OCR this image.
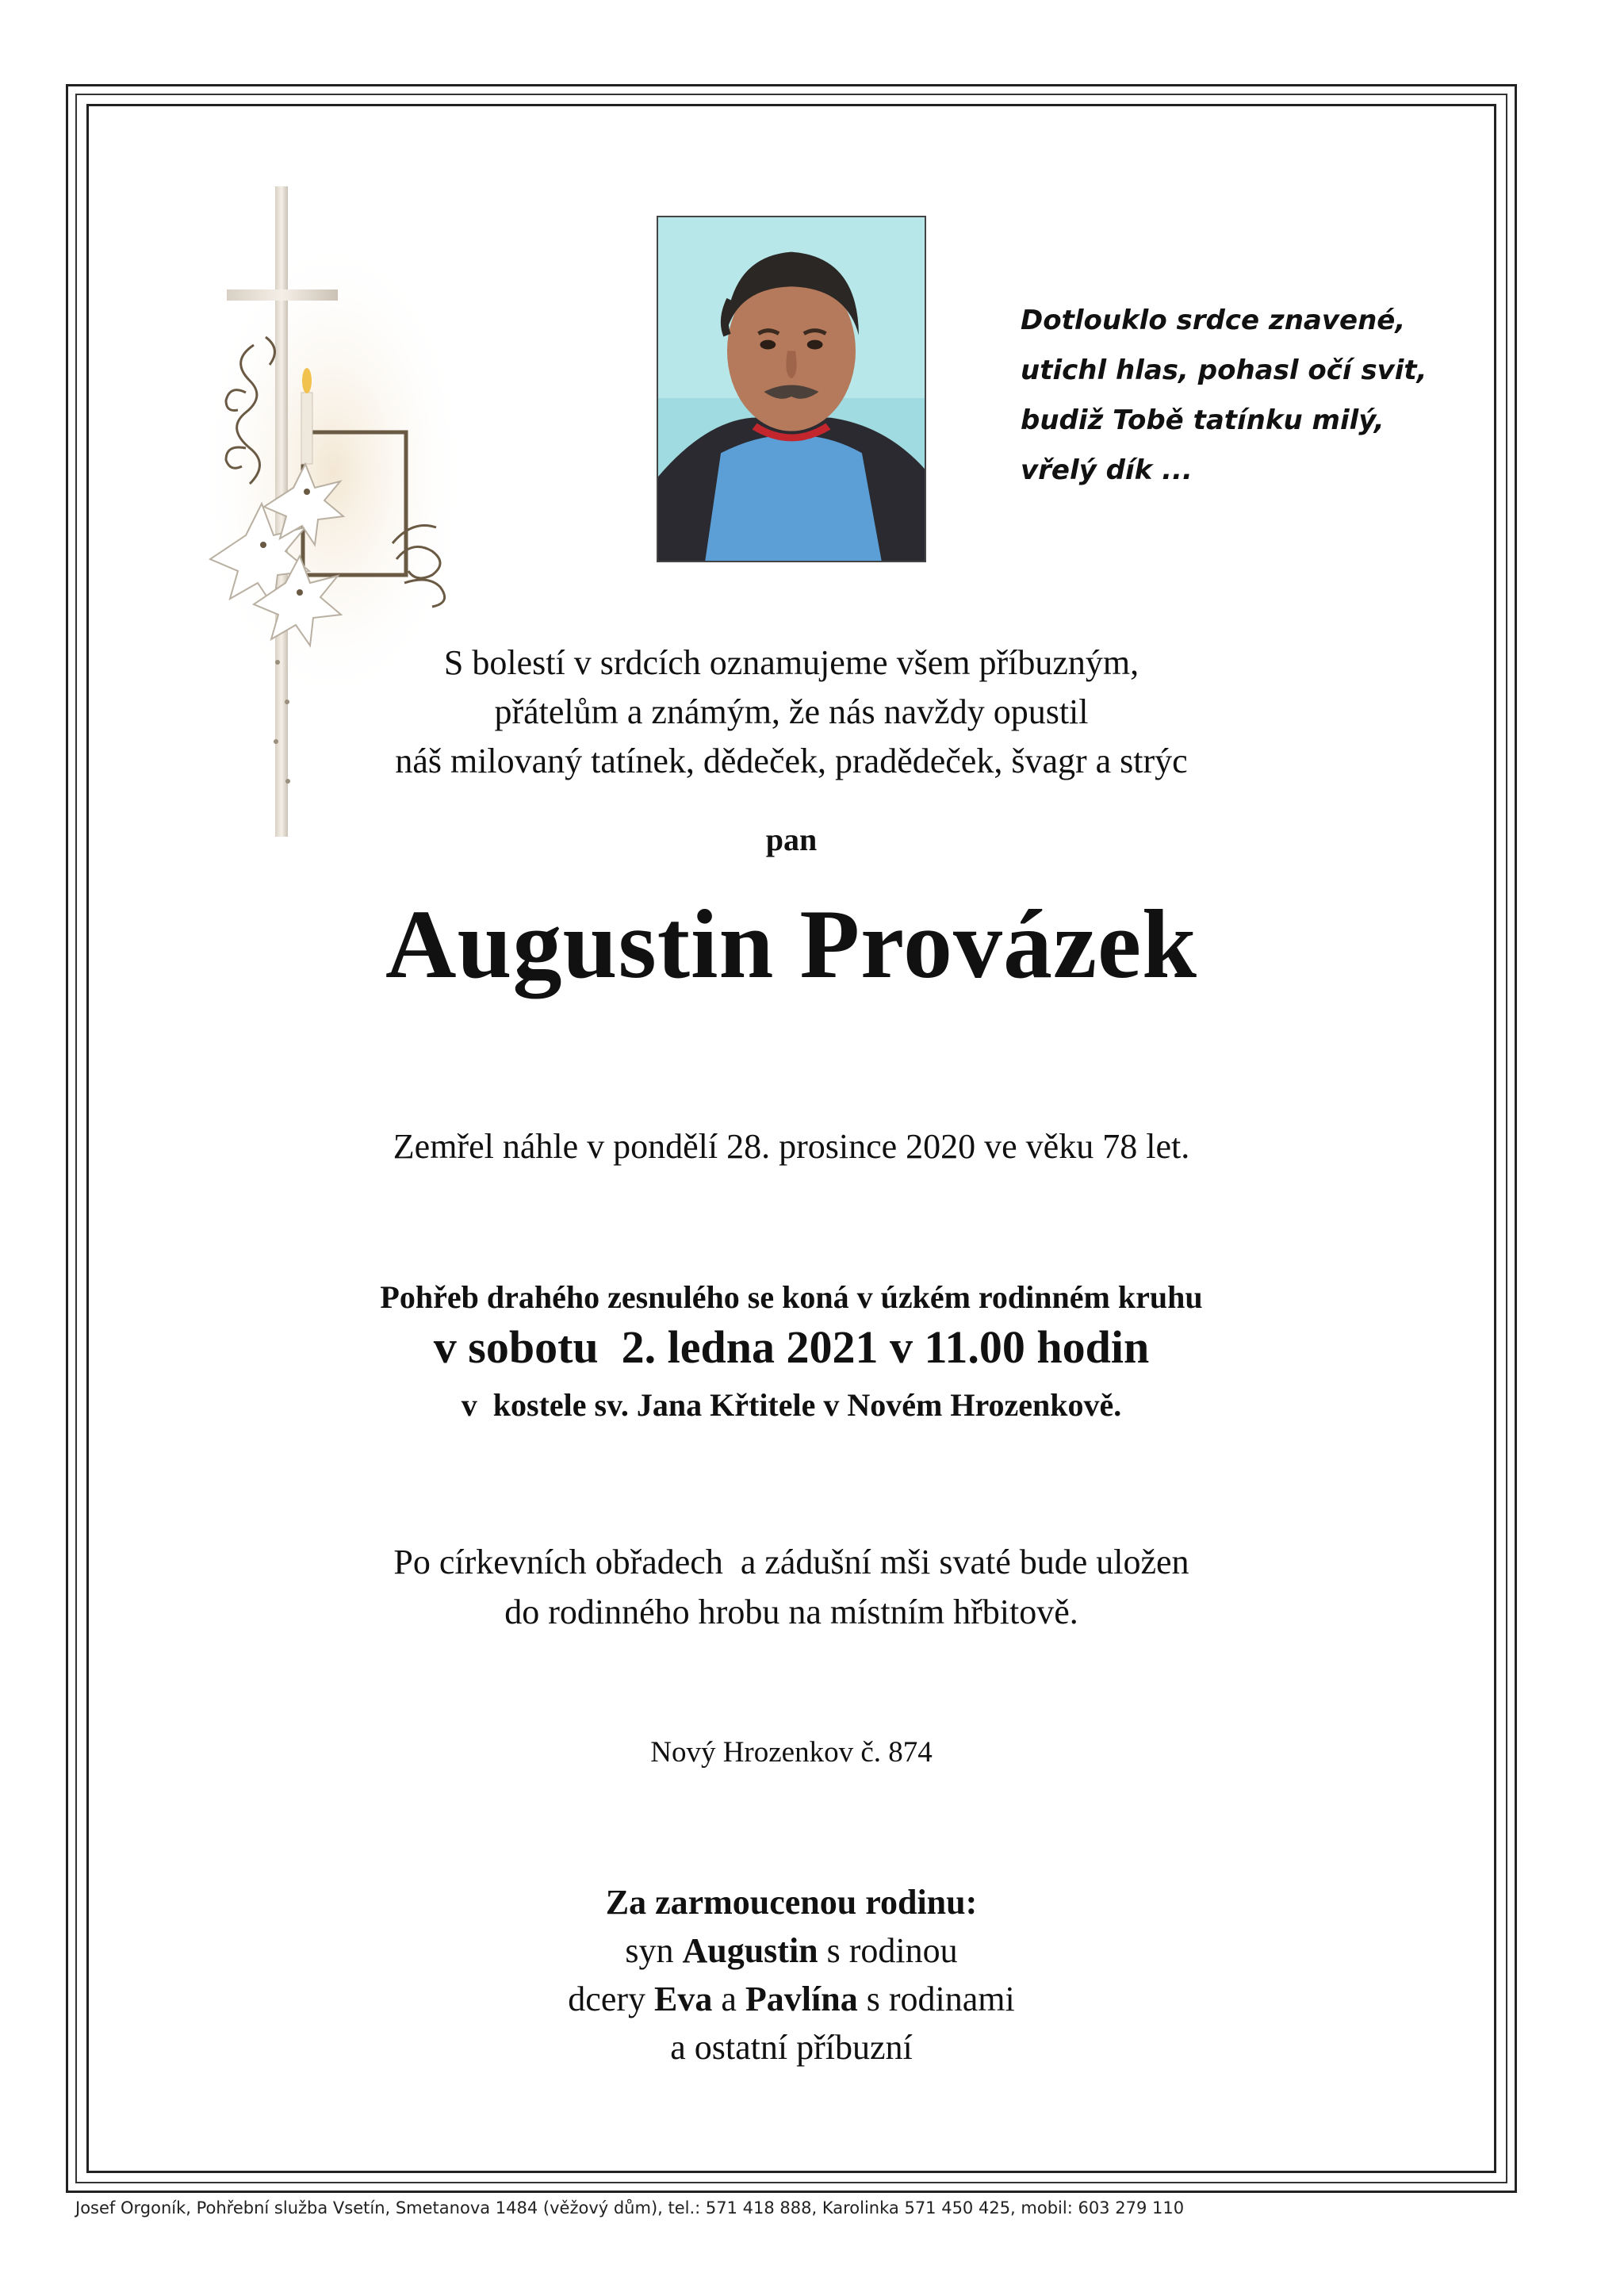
Dotlouklo srdce znavené,
utichl hlas, pohasl očí svit,
budiž Tobě tatínku milý,
vřelý dík ...
S bolestí v srdcích oznamujeme všem příbuzným,
přátelům a známým, že nás navždy opustil
náš milovaný tatínek, dědeček, pradědeček, švagr a strýc
pan
Augustin Provázek
Zemřel náhle v pondělí 28. prosince 2020 ve věku 78 let.
Pohřeb drahého zesnulého se koná v úzkém rodinném kruhu
v sobotu  2. ledna 2021 v 11.00 hodin
v  kostele sv. Jana Křtitele v Novém Hrozenkově.
Po církevních obřadech  a zádušní mši svaté bude uložen
do rodinného hrobu na místním hřbitově.
Nový Hrozenkov č. 874
Za zarmoucenou rodinu:
syn Augustin s rodinou
dcery Eva a Pavlína s rodinami
a ostatní příbuzní
Josef Orgoník, Pohřební služba Vsetín, Smetanova 1484 (věžový dům), tel.: 571 418 888, Karolinka 571 450 425, mobil: 603 279 110
